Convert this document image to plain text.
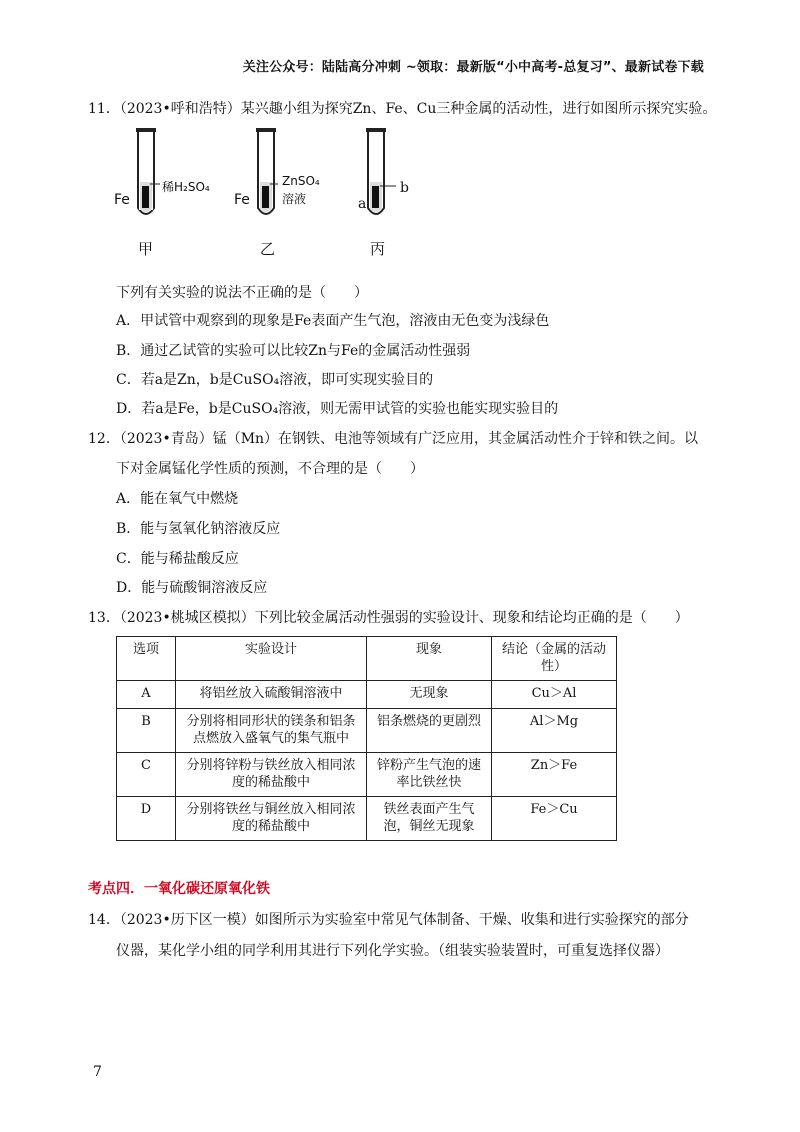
关注公众号：陆陆高分冲刺 ~领取：最新版“小中高考-总复习”、最新试卷下载
11．（2023•呼和浩特）某兴趣小组为探究Zn、Fe、Cu三种金属的活动性，进行如图所示探究实验。
Fe
稀H₂SO₄
甲
Fe
ZnSO₄
溶液
乙
a
b
丙
下列有关实验的说法不正确的是（　　）
A．甲试管中观察到的现象是Fe表面产生气泡，溶液由无色变为浅绿色
B．通过乙试管的实验可以比较Zn与Fe的金属活动性强弱
C．若a是Zn，b是CuSO₄溶液，即可实现实验目的
D．若a是Fe，b是CuSO₄溶液，则无需甲试管的实验也能实现实验目的
12．（2023•青岛）锰（Mn）在钢铁、电池等领域有广泛应用，其金属活动性介于锌和铁之间。以
下对金属锰化学性质的预测，不合理的是（　　）
A．能在氧气中燃烧
B．能与氢氧化钠溶液反应
C．能与稀盐酸反应
D．能与硫酸铜溶液反应
13．（2023•桃城区模拟）下列比较金属活动性强弱的实验设计、现象和结论均正确的是（　　）
选项	实验设计	现象	结论（金属的活动性）
A	将铝丝放入硫酸铜溶液中	无现象	Cu＞Al
B	分别将相同形状的镁条和铝条点燃放入盛氧气的集气瓶中	铝条燃烧的更剧烈	Al＞Mg
C	分别将锌粉与铁丝放入相同浓度的稀盐酸中	锌粉产生气泡的速率比铁丝快	Zn＞Fe
D	分别将铁丝与铜丝放入相同浓度的稀盐酸中	铁丝表面产生气泡，铜丝无现象	Fe＞Cu
考点四．一氧化碳还原氧化铁
14．（2023•历下区一模）如图所示为实验室中常见气体制备、干燥、收集和进行实验探究的部分
仪器，某化学小组的同学利用其进行下列化学实验。（组装实验装置时，可重复选择仪器）
7
